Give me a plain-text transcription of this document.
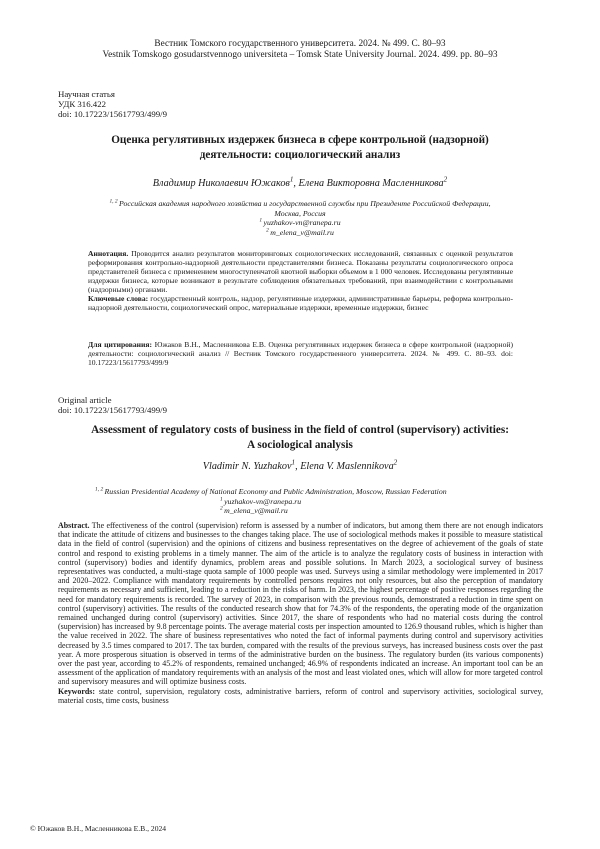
Вестник Томского государственного университета. 2024. № 499. С. 80–93
Vestnik Tomskogo gosudarstvennogo universiteta – Tomsk State University Journal. 2024. 499. pp. 80–93
Научная статья
УДК 316.422
doi: 10.17223/15617793/499/9
Оценка регулятивных издержек бизнеса в сфере контрольной (надзорной)
деятельности: социологический анализ
Владимир Николаевич Южаков$^1$, Елена Викторовна Масленникова$^2$
$^{1, 2}$ Российская академия народного хозяйства и государственной службы при Президенте Российской Федерации,
Москва, Россия
$^1$ yuzhakov-vn@ranepa.ru
$^2$ m_elena_v@mail.ru
Аннотация. Проводится анализ результатов мониторинговых социологических исследований, связанных с оценкой результатов реформирования контрольно-надзорной деятельности представителями бизнеса. Показаны результаты социологического опроса представителей бизнеса с применением многоступенчатой квотной выборки объемом в 1 000 человек. Исследованы регулятивные издержки бизнеса, которые возникают в результате соблюдения обязательных требований, при взаимодействии с контрольными (надзорными) органами.
Ключевые слова: государственный контроль, надзор, регулятивные издержки, административные барьеры, реформа контрольно-надзорной деятельности, социологический опрос, материальные издержки, временные издержки, бизнес
Для цитирования: Южаков В.Н., Масленникова Е.В. Оценка регулятивных издержек бизнеса в сфере контрольной (надзорной) деятельности: социологический анализ // Вестник Томского государственного университета. 2024. № 499. С. 80–93. doi: 10.17223/15617793/499/9
Original article
doi: 10.17223/15617793/499/9
Assessment of regulatory costs of business in the field of control (supervisory) activities:
A sociological analysis
Vladimir N. Yuzhakov$^1$, Elena V. Maslennikova$^2$
$^{1, 2}$ Russian Presidential Academy of National Economy and Public Administration, Moscow, Russian Federation
$^1$ yuzhakov-vn@ranepa.ru
$^2$ m_elena_v@mail.ru
Abstract. The effectiveness of the control (supervision) reform is assessed by a number of indicators, but among them there are not enough indicators that indicate the attitude of citizens and businesses to the changes taking place. The use of sociological methods makes it possible to measure statistical data in the field of control (supervision) and the opinions of citizens and business representatives on the degree of achievement of the goals of state control and respond to existing problems in a timely manner. The aim of the article is to analyze the regulatory costs of business in interaction with control (supervisory) bodies and identify dynamics, problem areas and possible solutions. In March 2023, a sociological survey of business representatives was conducted, a multi-stage quota sample of 1000 people was used. Surveys using a similar methodology were implemented in 2017 and 2020–2022. Compliance with mandatory requirements by controlled persons requires not only resources, but also the perception of mandatory requirements as necessary and sufficient, leading to a reduction in the risks of harm. In 2023, the highest percentage of positive responses regarding the need for mandatory requirements is recorded. The survey of 2023, in comparison with the previous rounds, demonstrated a reduction in time spent on control (supervisory) activities. The results of the conducted research show that for 74.3% of the respondents, the operating mode of the organization remained unchanged during control (supervisory) activities. Since 2017, the share of respondents who had no material costs during the control (supervision) has increased by 9.8 percentage points. The average material costs per inspection amounted to 126.9 thousand rubles, which is higher than the value received in 2022. The share of business representatives who noted the fact of informal payments during control and supervisory activities decreased by 3.5 times compared to 2017. The tax burden, compared with the results of the previous surveys, has increased business costs over the past year. A more prosperous situation is observed in terms of the administrative burden on the business. The regulatory burden (its various components) over the past year, according to 45.2% of respondents, remained unchanged; 46.9% of respondents indicated an increase. An important tool can be an assessment of the application of mandatory requirements with an analysis of the most and least violated ones, which will allow for more targeted control and supervisory measures and will optimize business costs.
Keywords: state control, supervision, regulatory costs, administrative barriers, reform of control and supervisory activities, sociological survey, material costs, time costs, business
© Южаков В.Н., Масленникова Е.В., 2024
